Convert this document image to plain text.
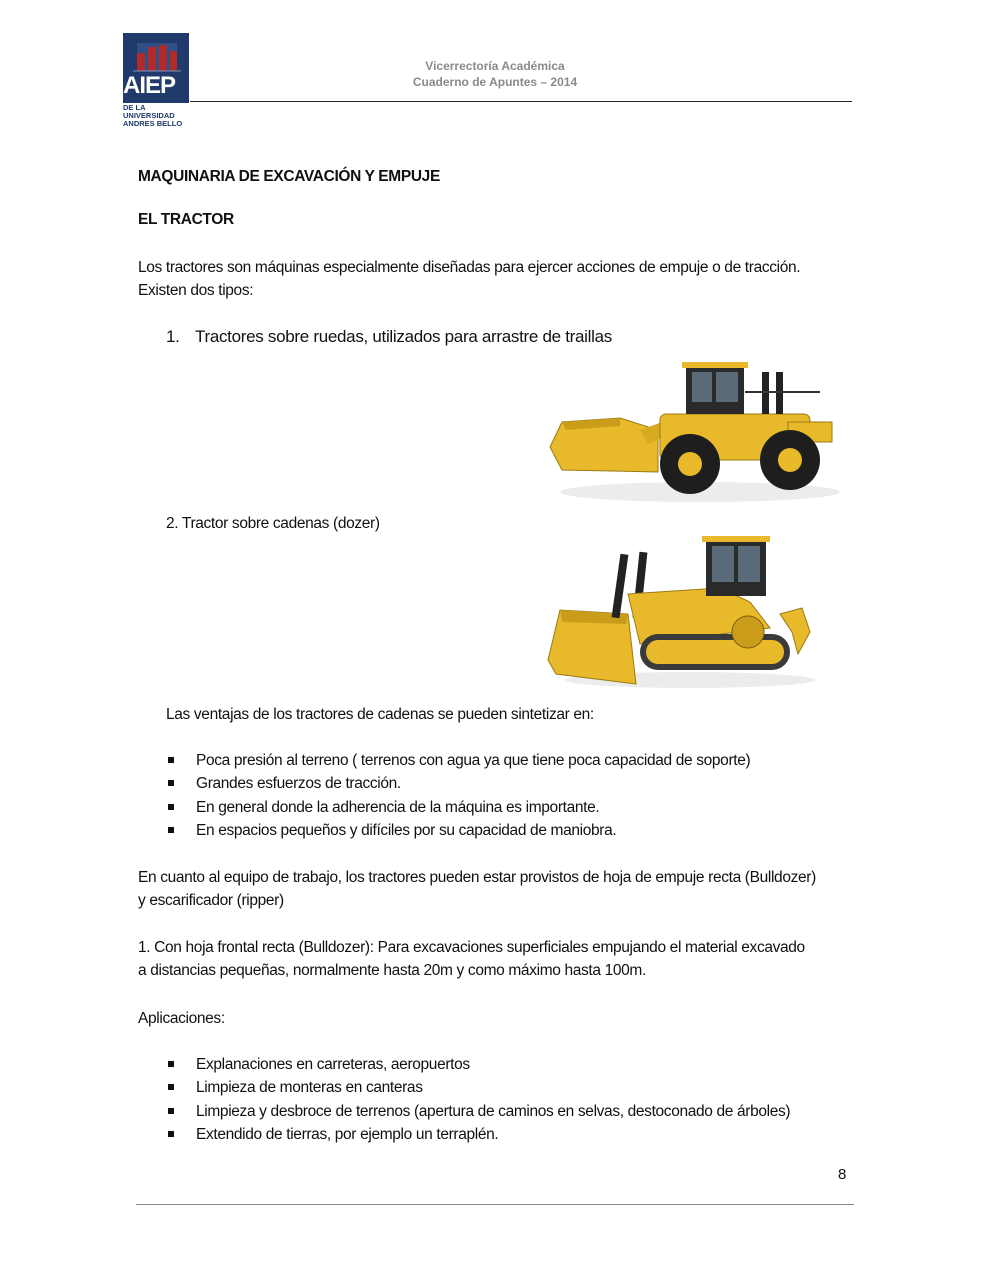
AIEP
DE LA UNIVERSIDAD
ANDRES BELLO
Vicerrectoría Académica
Cuaderno de Apuntes – 2014
MAQUINARIA DE EXCAVACIÓN Y EMPUJE
EL TRACTOR
Los tractores son máquinas especialmente diseñadas para ejercer acciones de empuje o de tracción.
Existen dos tipos:
1. Tractores sobre ruedas, utilizados para arrastre de traillas
2. Tractor sobre cadenas (dozer)
Las ventajas de los tractores de cadenas se pueden sintetizar en:
Poca presión al terreno ( terrenos con agua ya que tiene poca capacidad de soporte)
Grandes esfuerzos de tracción.
En general donde la adherencia de la máquina es importante.
En espacios pequeños y difíciles por su capacidad de maniobra.
En cuanto al equipo de trabajo, los tractores pueden estar provistos de hoja de empuje recta (Bulldozer)
y escarificador (ripper)
1. Con hoja frontal recta (Bulldozer): Para excavaciones superficiales empujando el material excavado
a distancias pequeñas, normalmente hasta 20m y como máximo hasta 100m.
Aplicaciones:
Explanaciones en carreteras, aeropuertos
Limpieza de monteras en canteras
Limpieza y desbroce de terrenos (apertura de caminos en selvas, destoconado de árboles)
Extendido de tierras, por ejemplo un terraplén.
8
